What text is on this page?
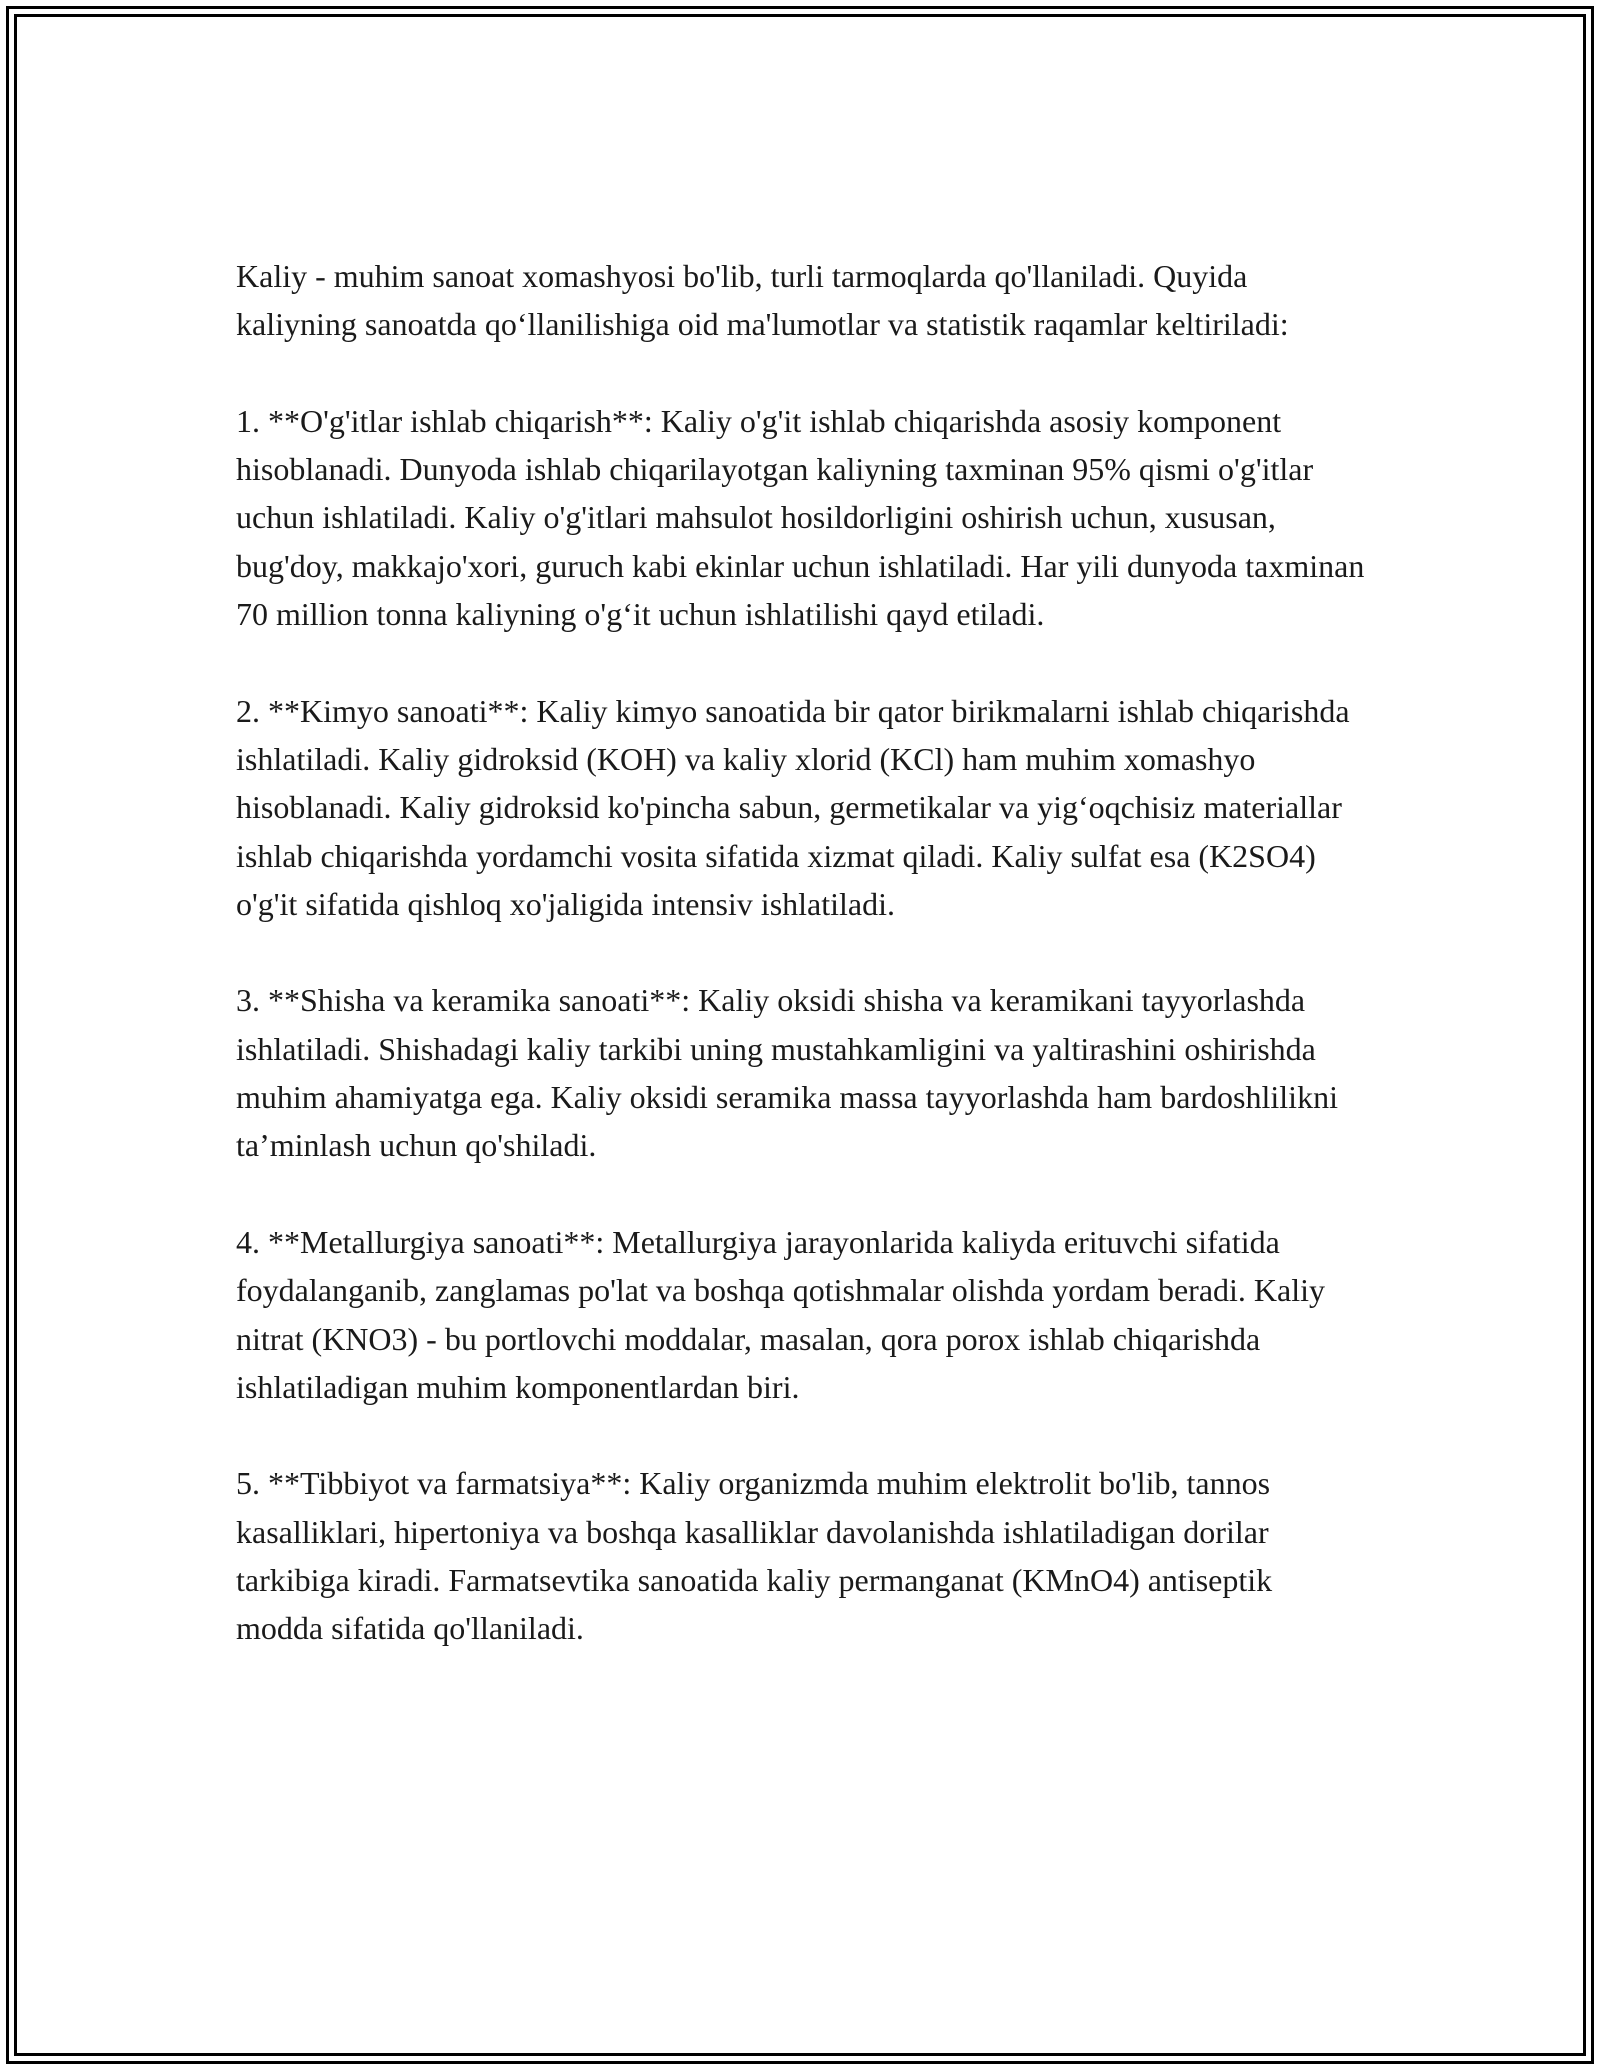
Kaliy - muhim sanoat xomashyosi bo'lib, turli tarmoqlarda qo'llaniladi. Quyida kaliyning sanoatda qo‘llanilishiga oid ma'lumotlar va statistik raqamlar keltiriladi:

1. **O'g'itlar ishlab chiqarish**: Kaliy o'g'it ishlab chiqarishda asosiy komponent hisoblanadi. Dunyoda ishlab chiqarilayotgan kaliyning taxminan 95% qismi o'g'itlar uchun ishlatiladi. Kaliy o'g'itlari mahsulot hosildorligini oshirish uchun, xususan, bug'doy, makkajo'xori, guruch kabi ekinlar uchun ishlatiladi. Har yili dunyoda taxminan 70 million tonna kaliyning o'g‘it uchun ishlatilishi qayd etiladi.

2. **Kimyo sanoati**: Kaliy kimyo sanoatida bir qator birikmalarni ishlab chiqarishda ishlatiladi. Kaliy gidroksid (KOH) va kaliy xlorid (KCl) ham muhim xomashyo hisoblanadi. Kaliy gidroksid ko'pincha sabun, germetikalar va yig‘oqchisiz materiallar ishlab chiqarishda yordamchi vosita sifatida xizmat qiladi. Kaliy sulfat esa (K2SO4) o'g'it sifatida qishloq xo'jaligida intensiv ishlatiladi.

3. **Shisha va keramika sanoati**: Kaliy oksidi shisha va keramikani tayyorlashda ishlatiladi. Shishadagi kaliy tarkibi uning mustahkamligini va yaltirashini oshirishda muhim ahamiyatga ega. Kaliy oksidi seramika massa tayyorlashda ham bardoshlilikni ta’minlash uchun qo'shiladi.

4. **Metallurgiya sanoati**: Metallurgiya jarayonlarida kaliyda erituvchi sifatida foydalanganib, zanglamas po'lat va boshqa qotishmalar olishda yordam beradi. Kaliy nitrat (KNO3) - bu portlovchi moddalar, masalan, qora porox ishlab chiqarishda ishlatiladigan muhim komponentlardan biri.

5. **Tibbiyot va farmatsiya**: Kaliy organizmda muhim elektrolit bo'lib, tannos kasalliklari, hipertoniya va boshqa kasalliklar davolanishda ishlatiladigan dorilar tarkibiga kiradi. Farmatsevtika sanoatida kaliy permanganat (KMnO4) antiseptik modda sifatida qo'llaniladi.
